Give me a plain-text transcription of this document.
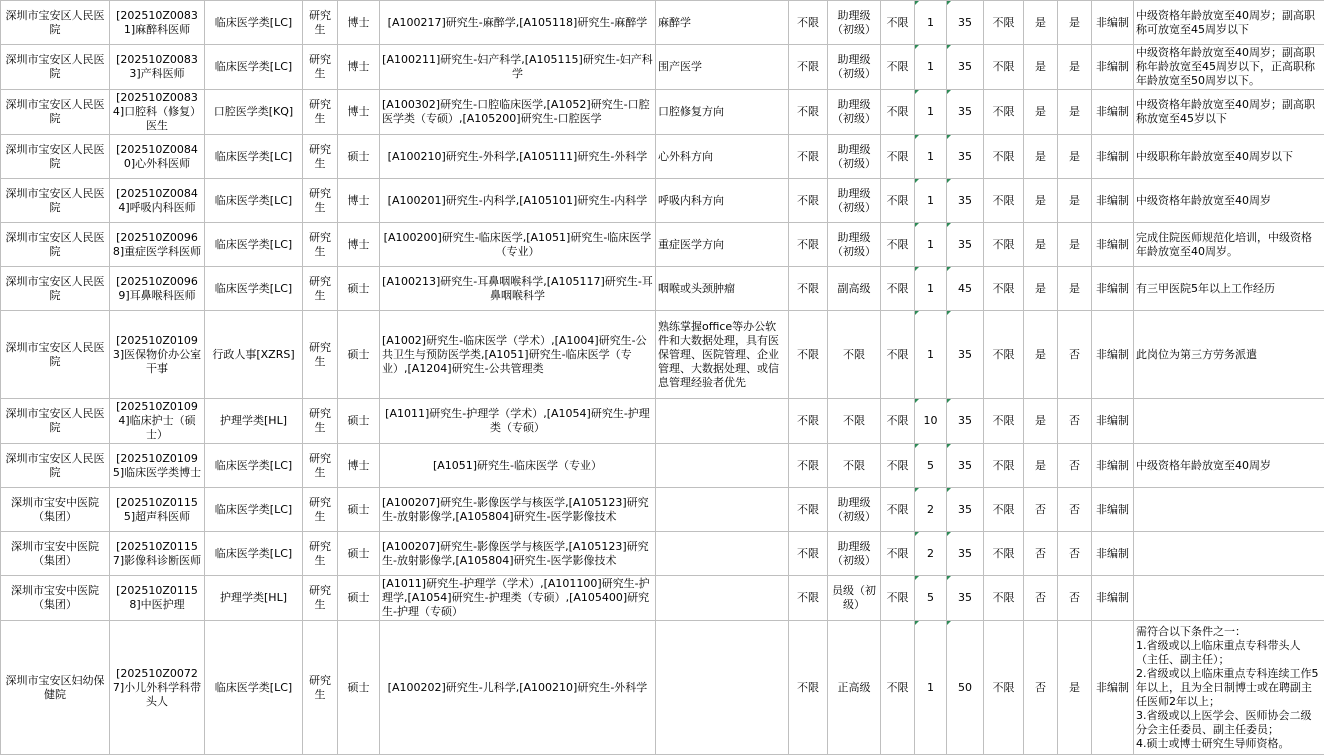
深圳市宝安区人民医院	[202510Z00831]麻醉科医师	临床医学类[LC]	研究生	博士	[A100217]研究生-麻醉学,[A105118]研究生-麻醉学	麻醉学	不限	助理级（初级）	不限	1	35	不限	是	是	非编制	中级资格年龄放宽至40周岁；副高职称可放宽至45周岁以下
深圳市宝安区人民医院	[202510Z00833]产科医师	临床医学类[LC]	研究生	博士	[A100211]研究生-妇产科学,[A105115]研究生-妇产科学	围产医学	不限	助理级（初级）	不限	1	35	不限	是	是	非编制	中级资格年龄放宽至40周岁；副高职称年龄放宽至45周岁以下，正高职称年龄放宽至50周岁以下。
深圳市宝安区人民医院	[202510Z00834]口腔科（修复）医生	口腔医学类[KQ]	研究生	博士	[A100302]研究生-口腔临床医学,[A1052]研究生-口腔医学类（专硕）,[A105200]研究生-口腔医学	口腔修复方向	不限	助理级（初级）	不限	1	35	不限	是	是	非编制	中级资格年龄放宽至40周岁；副高职称放宽至45岁以下
深圳市宝安区人民医院	[202510Z00840]心外科医师	临床医学类[LC]	研究生	硕士	[A100210]研究生-外科学,[A105111]研究生-外科学	心外科方向	不限	助理级（初级）	不限	1	35	不限	是	是	非编制	中级职称年龄放宽至40周岁以下
深圳市宝安区人民医院	[202510Z00844]呼吸内科医师	临床医学类[LC]	研究生	博士	[A100201]研究生-内科学,[A105101]研究生-内科学	呼吸内科方向	不限	助理级（初级）	不限	1	35	不限	是	是	非编制	中级资格年龄放宽至40周岁
深圳市宝安区人民医院	[202510Z00968]重症医学科医师	临床医学类[LC]	研究生	博士	[A100200]研究生-临床医学,[A1051]研究生-临床医学（专业）	重症医学方向	不限	助理级（初级）	不限	1	35	不限	是	是	非编制	完成住院医师规范化培训，中级资格年龄放宽至40周岁。
深圳市宝安区人民医院	[202510Z00969]耳鼻喉科医师	临床医学类[LC]	研究生	硕士	[A100213]研究生-耳鼻咽喉科学,[A105117]研究生-耳鼻咽喉科学	咽喉或头颈肿瘤	不限	副高级	不限	1	45	不限	是	是	非编制	有三甲医院5年以上工作经历
深圳市宝安区人民医院	[202510Z01093]医保物价办公室干事	行政人事[XZRS]	研究生	硕士	[A1002]研究生-临床医学（学术）,[A1004]研究生-公共卫生与预防医学类,[A1051]研究生-临床医学（专业）,[A1204]研究生-公共管理类	熟练掌握office等办公软件和大数据处理，具有医保管理、医院管理、企业管理、大数据处理、或信息管理经验者优先	不限	不限	不限	1	35	不限	是	否	非编制	此岗位为第三方劳务派遣
深圳市宝安区人民医院	[202510Z01094]临床护士（硕士）	护理学类[HL]	研究生	硕士	[A1011]研究生-护理学（学术）,[A1054]研究生-护理类（专硕）		不限	不限	不限	10	35	不限	是	否	非编制	
深圳市宝安区人民医院	[202510Z01095]临床医学类博士	临床医学类[LC]	研究生	博士	[A1051]研究生-临床医学（专业）		不限	不限	不限	5	35	不限	是	否	非编制	中级资格年龄放宽至40周岁
深圳市宝安中医院（集团）	[202510Z01155]超声科医师	临床医学类[LC]	研究生	硕士	[A100207]研究生-影像医学与核医学,[A105123]研究生-放射影像学,[A105804]研究生-医学影像技术		不限	助理级（初级）	不限	2	35	不限	否	否	非编制	
深圳市宝安中医院（集团）	[202510Z01157]影像科诊断医师	临床医学类[LC]	研究生	硕士	[A100207]研究生-影像医学与核医学,[A105123]研究生-放射影像学,[A105804]研究生-医学影像技术		不限	助理级（初级）	不限	2	35	不限	否	否	非编制	
深圳市宝安中医院（集团）	[202510Z01158]中医护理	护理学类[HL]	研究生	硕士	[A1011]研究生-护理学（学术）,[A101100]研究生-护理学,[A1054]研究生-护理类（专硕）,[A105400]研究生-护理（专硕）		不限	员级（初级）	不限	5	35	不限	否	否	非编制	
深圳市宝安区妇幼保健院	[202510Z00727]小儿外科学科带头人	临床医学类[LC]	研究生	硕士	[A100202]研究生-儿科学,[A100210]研究生-外科学		不限	正高级	不限	1	50	不限	否	是	非编制	需符合以下条件之一：
1.省级或以上临床重点专科带头人（主任、副主任）；
2.省级或以上临床重点专科连续工作5年以上，且为全日制博士或在聘副主任医师2年以上；
3.省级或以上医学会、医师协会二级分会主任委员、副主任委员；
4.硕士或博士研究生导师资格。
